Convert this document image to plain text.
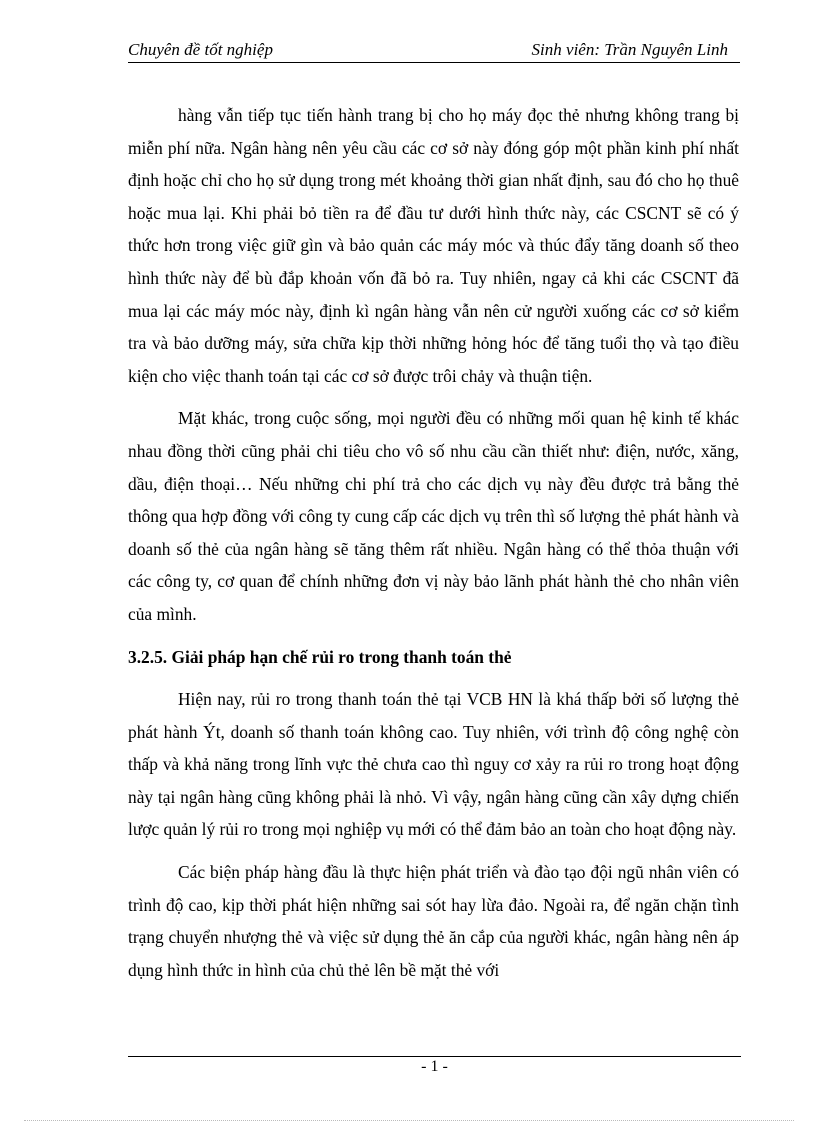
Chuyên đề tốt nghiệp	Sinh viên: Trần Nguyên Linh

hàng vẫn tiếp tục tiến hành trang bị cho họ máy đọc thẻ nhưng không trang bị miễn phí nữa. Ngân hàng nên yêu cầu các cơ sở này đóng góp một phần kinh phí nhất định hoặc chỉ cho họ sử dụng trong mét khoảng thời gian nhất định, sau đó cho họ thuê hoặc mua lại. Khi phải bỏ tiền ra để đầu tư dưới hình thức này, các CSCNT sẽ có ý thức hơn trong việc giữ gìn và bảo quản các máy móc và thúc đẩy tăng doanh số theo hình thức này để bù đắp khoản vốn đã bỏ ra. Tuy nhiên, ngay cả khi các CSCNT đã mua lại các máy móc này, định kì ngân hàng vẫn nên cử người xuống các cơ sở kiểm tra và bảo dưỡng máy, sửa chữa kịp thời những hỏng hóc để tăng tuổi thọ và tạo điều kiện cho việc thanh toán tại các cơ sở được trôi chảy và thuận tiện.

Mặt khác, trong cuộc sống, mọi người đều có những mối quan hệ kinh tế khác nhau đồng thời cũng phải chi tiêu cho vô số nhu cầu cần thiết như: điện, nước, xăng, dầu, điện thoại… Nếu những chi phí trả cho các dịch vụ này đều được trả bằng thẻ thông qua hợp đồng với công ty cung cấp các dịch vụ trên thì số lượng thẻ phát hành và doanh số thẻ của ngân hàng sẽ tăng thêm rất nhiều. Ngân hàng có thể thỏa thuận với các công ty, cơ quan để chính những đơn vị này bảo lãnh phát hành thẻ cho nhân viên của mình.

3.2.5. Giải pháp hạn chế rủi ro trong thanh toán thẻ

Hiện nay, rủi ro trong thanh toán thẻ tại VCB HN là khá thấp bởi số lượng thẻ phát hành Ýt, doanh số thanh toán không cao. Tuy nhiên, với trình độ công nghệ còn thấp và khả năng trong lĩnh vực thẻ chưa cao thì nguy cơ xảy ra rủi ro trong hoạt động này tại ngân hàng cũng không phải là nhỏ. Vì vậy, ngân hàng cũng cần xây dựng chiến lược quản lý rủi ro trong mọi nghiệp vụ mới có thể đảm bảo an toàn cho hoạt động này.

Các biện pháp hàng đầu là thực hiện phát triển và đào tạo đội ngũ nhân viên có trình độ cao, kịp thời phát hiện những sai sót hay lừa đảo. Ngoài ra, để ngăn chặn tình trạng chuyển nhượng thẻ và việc sử dụng thẻ ăn cắp của người khác, ngân hàng nên áp dụng hình thức in hình của chủ thẻ lên bề mặt thẻ với

- 1 -
